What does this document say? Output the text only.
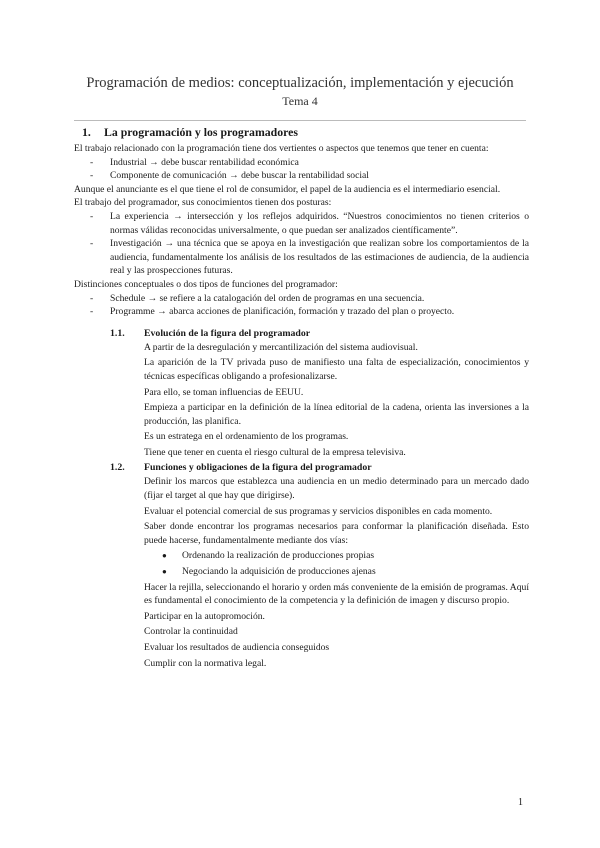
Programación de medios: conceptualización, implementación y ejecución
Tema 4
1.	La programación y los programadores

El trabajo relacionado con la programación tiene dos vertientes o aspectos que tenemos que tener en cuenta:

-	Industrial → debe buscar rentabilidad económica
-	Componente de comunicación → debe buscar la rentabilidad social

Aunque el anunciante es el que tiene el rol de consumidor, el papel de la audiencia es el intermediario esencial.

El trabajo del programador, sus conocimientos tienen dos posturas:

-	La experiencia → intersección y los reflejos adquiridos. “Nuestros conocimientos no tienen criterios o normas válidas reconocidas universalmente, o que puedan ser analizados científicamente”.
-	Investigación → una técnica que se apoya en la investigación que realizan sobre los comportamientos de la audiencia, fundamentalmente los análisis de los resultados de las estimaciones de audiencia, de la audiencia real y las prospecciones futuras.

Distinciones conceptuales o dos tipos de funciones del programador:

-	Schedule → se refiere a la catalogación del orden de programas en una secuencia.
-	Programme → abarca acciones de planificación, formación y trazado del plan o proyecto.
1.1.	Evolución de la figura del programador

A partir de la desregulación y mercantilización del sistema audiovisual.

La aparición de la TV privada puso de manifiesto una falta de especialización, conocimientos y técnicas específicas obligando a profesionalizarse.

Para ello, se toman influencias de EEUU.

Empieza a participar en la definición de la línea editorial de la cadena, orienta las inversiones a la producción, las planifica.

Es un estratega en el ordenamiento de los programas.

Tiene que tener en cuenta el riesgo cultural de la empresa televisiva.

1.2.	Funciones y obligaciones de la figura del programador

Definir los marcos que establezca una audiencia en un medio determinado para un mercado dado (fijar el target al que hay que dirigirse).

Evaluar el potencial comercial de sus programas y servicios disponibles en cada momento.

Saber donde encontrar los programas necesarios para conformar la planificación diseñada. Esto puede hacerse, fundamentalmente mediante dos vías:

●	Ordenando la realización de producciones propias
●	Negociando la adquisición de producciones ajenas

Hacer la rejilla, seleccionando el horario y orden más conveniente de la emisión de programas. Aquí es fundamental el conocimiento de la competencia y la definición de imagen y discurso propio.

Participar en la autopromoción.

Controlar la continuidad

Evaluar los resultados de audiencia conseguidos

Cumplir con la normativa legal.

1
